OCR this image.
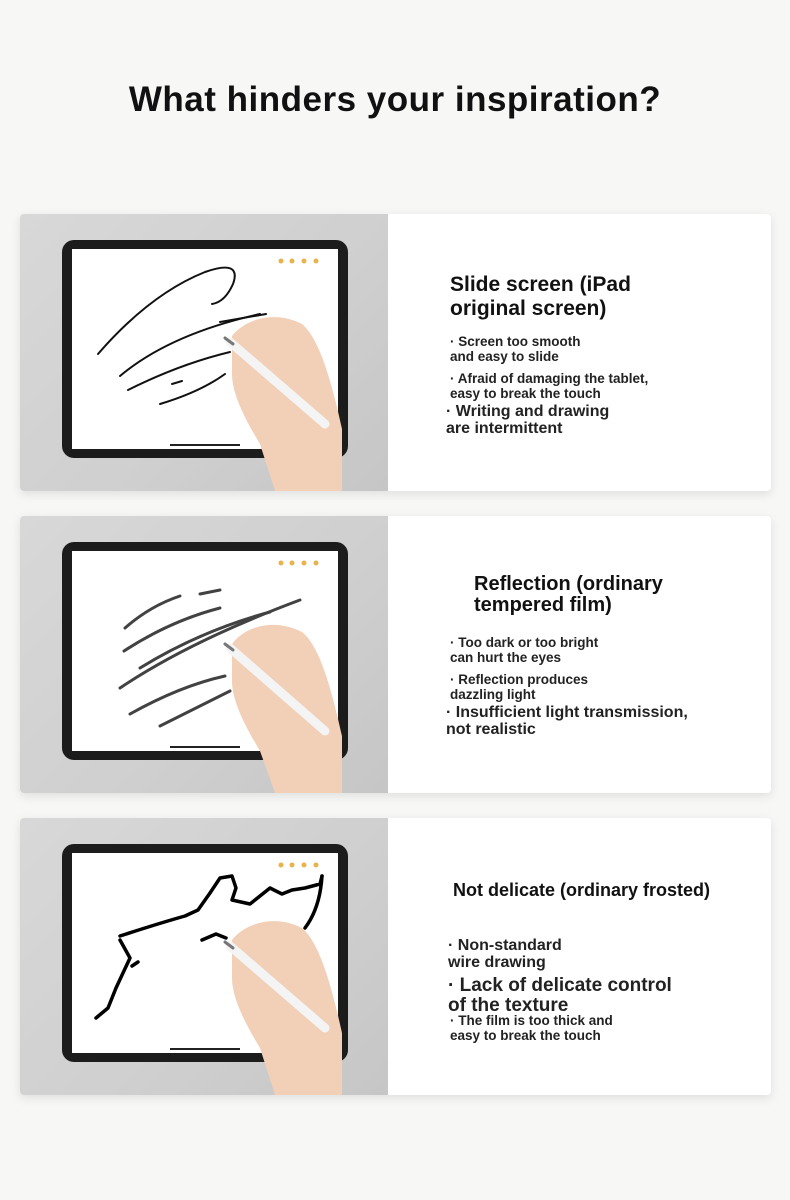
What hinders your inspiration?
Slide screen (iPad
original screen)
· Screen too smooth
and easy to slide
· Afraid of damaging the tablet,
easy to break the touch
· Writing and drawing
are intermittent
Reflection (ordinary
tempered film)
· Too dark or too bright
can hurt the eyes
· Reflection produces
dazzling light
· Insufficient light transmission,
not realistic
Not delicate (ordinary frosted)
· Non-standard
wire drawing
· Lack of delicate control
of the texture
· The film is too thick and
easy to break the touch
